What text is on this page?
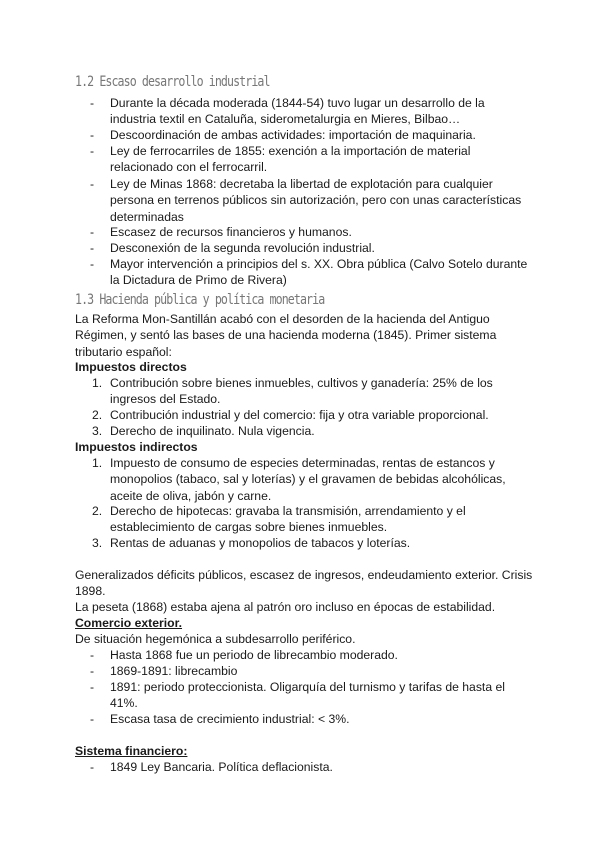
1.2 Escaso desarrollo industrial
- Durante la década moderada (1844-54) tuvo lugar un desarrollo de la
industria textil en Cataluña, siderometalurgia en Mieres, Bilbao…
- Descoordinación de ambas actividades: importación de maquinaria.
- Ley de ferrocarriles de 1855: exención a la importación de material
relacionado con el ferrocarril.
- Ley de Minas 1868: decretaba la libertad de explotación para cualquier
persona en terrenos públicos sin autorización, pero con unas características
determinadas
- Escasez de recursos financieros y humanos.
- Desconexión de la segunda revolución industrial.
- Mayor intervención a principios del s. XX. Obra pública (Calvo Sotelo durante
la Dictadura de Primo de Rivera)
1.3 Hacienda pública y política monetaria
La Reforma Mon-Santillán acabó con el desorden de la hacienda del Antiguo
Régimen, y sentó las bases de una hacienda moderna (1845). Primer sistema
tributario español:
Impuestos directos
1. Contribución sobre bienes inmuebles, cultivos y ganadería: 25% de los
ingresos del Estado.
2. Contribución industrial y del comercio: fija y otra variable proporcional.
3. Derecho de inquilinato. Nula vigencia.
Impuestos indirectos
1. Impuesto de consumo de especies determinadas, rentas de estancos y
monopolios (tabaco, sal y loterías) y el gravamen de bebidas alcohólicas,
aceite de oliva, jabón y carne.
2. Derecho de hipotecas: gravaba la transmisión, arrendamiento y el
establecimiento de cargas sobre bienes inmuebles.
3. Rentas de aduanas y monopolios de tabacos y loterías.
Generalizados déficits públicos, escasez de ingresos, endeudamiento exterior. Crisis
1898.
La peseta (1868) estaba ajena al patrón oro incluso en épocas de estabilidad.
Comercio exterior.
De situación hegemónica a subdesarrollo periférico.
- Hasta 1868 fue un periodo de librecambio moderado.
- 1869-1891: librecambio
- 1891: periodo proteccionista. Oligarquía del turnismo y tarifas de hasta el
41%.
- Escasa tasa de crecimiento industrial: < 3%.
Sistema financiero:
- 1849 Ley Bancaria. Política deflacionista.
